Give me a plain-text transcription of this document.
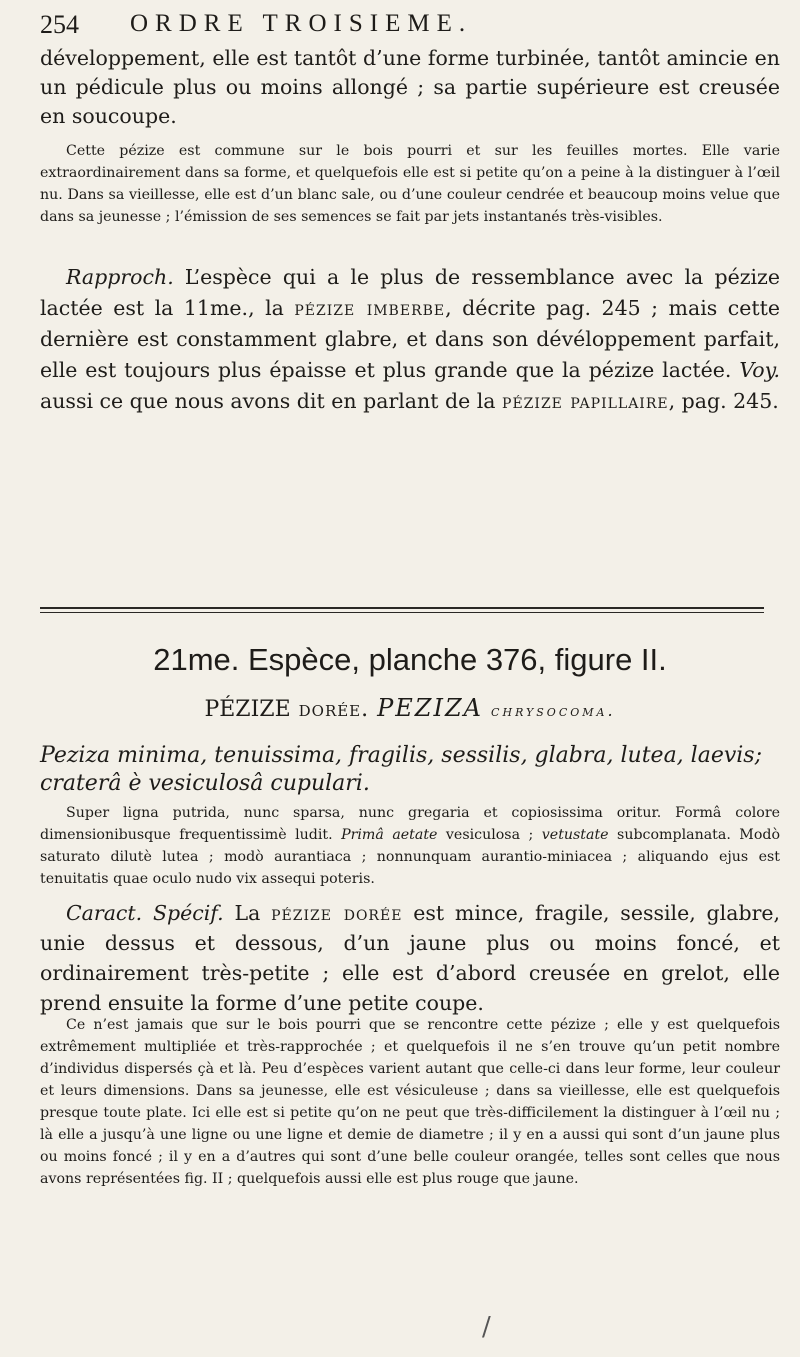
254 ORDRE TROISIEME.
développement, elle est tantôt d’une forme turbinée, tantôt amincie en un pédicule plus ou moins allongé ; sa partie supérieure est creusée en soucoupe.
Cette pézize est commune sur le bois pourri et sur les feuilles mortes. Elle varie extraordinairement dans sa forme, et quelquefois elle est si petite qu’on a peine à la distinguer à l’œil nu. Dans sa vieillesse, elle est d’un blanc sale, ou d’une couleur cendrée et beaucoup moins velue que dans sa jeunesse ; l’émission de ses semences se fait par jets instantanés très-visibles.
Rapproch. L’espèce qui a le plus de ressemblance avec la pézize lactée est la 11me., la pézize imberbe, décrite pag. 245 ; mais cette dernière est constamment glabre, et dans son dévéloppement parfait, elle est toujours plus épaisse et plus grande que la pézize lactée. Voy. aussi ce que nous avons dit en parlant de la pézize papillaire, pag. 245.
21me. Espèce, planche 376, figure II.
PÉZIZE dorée. PEZIZA chrysocoma.
Peziza minima, tenuissima, fragilis, sessilis, glabra, lutea, laevis; craterâ è vesiculosâ cupulari.
Super ligna putrida, nunc sparsa, nunc gregaria et copiosissima oritur. Formâ colore dimensionibusque frequentissimè ludit. Primâ aetate vesiculosa ; vetustate subcomplanata. Modò saturato dilutè lutea ; modò aurantiaca ; nonnunquam aurantio-miniacea ; aliquando ejus est tenuitatis quae oculo nudo vix assequi poteris.
Caract. Spécif. La pézize dorée est mince, fragile, sessile, glabre, unie dessus et dessous, d’un jaune plus ou moins foncé, et ordinairement très-petite ; elle est d’abord creusée en grelot, elle prend ensuite la forme d’une petite coupe.
Ce n’est jamais que sur le bois pourri que se rencontre cette pézize ; elle y est quelquefois extrêmement multipliée et très-rapprochée ; et quelquefois il ne s’en trouve qu’un petit nombre d’individus dispersés çà et là. Peu d’espèces varient autant que celle-ci dans leur forme, leur couleur et leurs dimensions. Dans sa jeunesse, elle est vésiculeuse ; dans sa vieillesse, elle est quelquefois presque toute plate. Ici elle est si petite qu’on ne peut que très-difficilement la distinguer à l’œil nu ; là elle a jusqu’à une ligne ou une ligne et demie de diametre ; il y en a aussi qui sont d’un jaune plus ou moins foncé ; il y en a d’autres qui sont d’une belle couleur orangée, telles sont celles que nous avons représentées fig. II ; quelquefois aussi elle est plus rouge que jaune.
/
